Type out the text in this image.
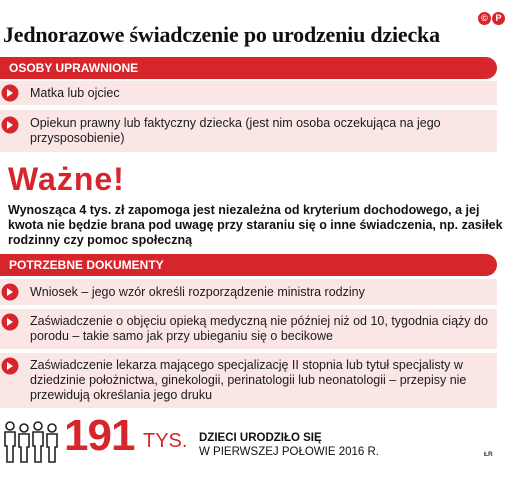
Jednorazowe świadczenie po urodzeniu dziecka
© P
OSOBY UPRAWNIONE
Matka lub ojciec
Opiekun prawny lub faktyczny dziecka (jest nim osoba oczekująca na jego przysposobienie)
Ważne!
Wynosząca 4 tys. zł zapomoga jest niezależna od kryterium dochodowego, a jej kwota nie będzie brana pod uwagę przy staraniu się o inne świadczenia, np. zasiłek rodzinny czy pomoc społeczną
POTRZEBNE DOKUMENTY
Wniosek – jego wzór określi rozporządzenie ministra rodziny
Zaświadczenie o objęciu opieką medyczną nie później niż od 10, tygodnia ciąży do porodu – takie samo jak przy ubieganiu się o becikowe
Zaświadczenie lekarza mającego specjalizację II stopnia lub tytuł specjalisty w dziedzinie położnictwa, ginekologii, perinatologii lub neonatologii – przepisy nie przewidują określania jego druku
191 TYS. DZIECI URODZIŁO SIĘ
W PIERWSZEJ POŁOWIE 2016 R.	ŁR
